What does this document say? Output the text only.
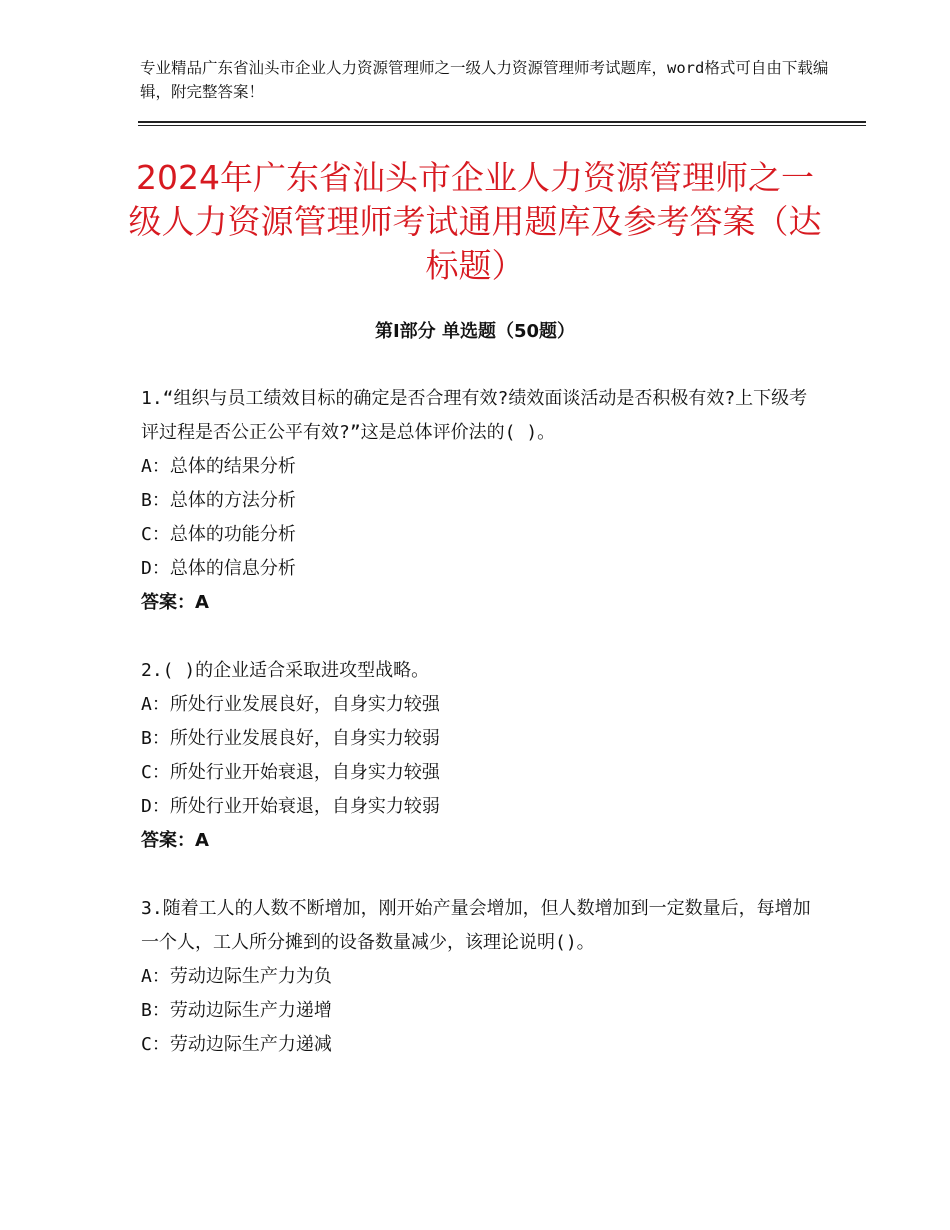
专业精品广东省汕头市企业人力资源管理师之一级人力资源管理师考试题库，word格式可自由下载编辑，附完整答案！
2024年广东省汕头市企业人力资源管理师之一级人力资源管理师考试通用题库及参考答案（达标题）
第Ⅰ部分 单选题（50题）

1.“组织与员工绩效目标的确定是否合理有效?绩效面谈活动是否积极有效?上下级考评过程是否公正公平有效?”这是总体评价法的( )。

A：总体的结果分析

B：总体的方法分析

C：总体的功能分析

D：总体的信息分析

答案：A

2.( )的企业适合采取进攻型战略。

A：所处行业发展良好，自身实力较强

B：所处行业发展良好，自身实力较弱

C：所处行业开始衰退，自身实力较强

D：所处行业开始衰退，自身实力较弱

答案：A

3.随着工人的人数不断增加，刚开始产量会增加，但人数增加到一定数量后，每增加一个人，工人所分摊到的设备数量减少，该理论说明()。

A：劳动边际生产力为负

B：劳动边际生产力递增

C：劳动边际生产力递减
